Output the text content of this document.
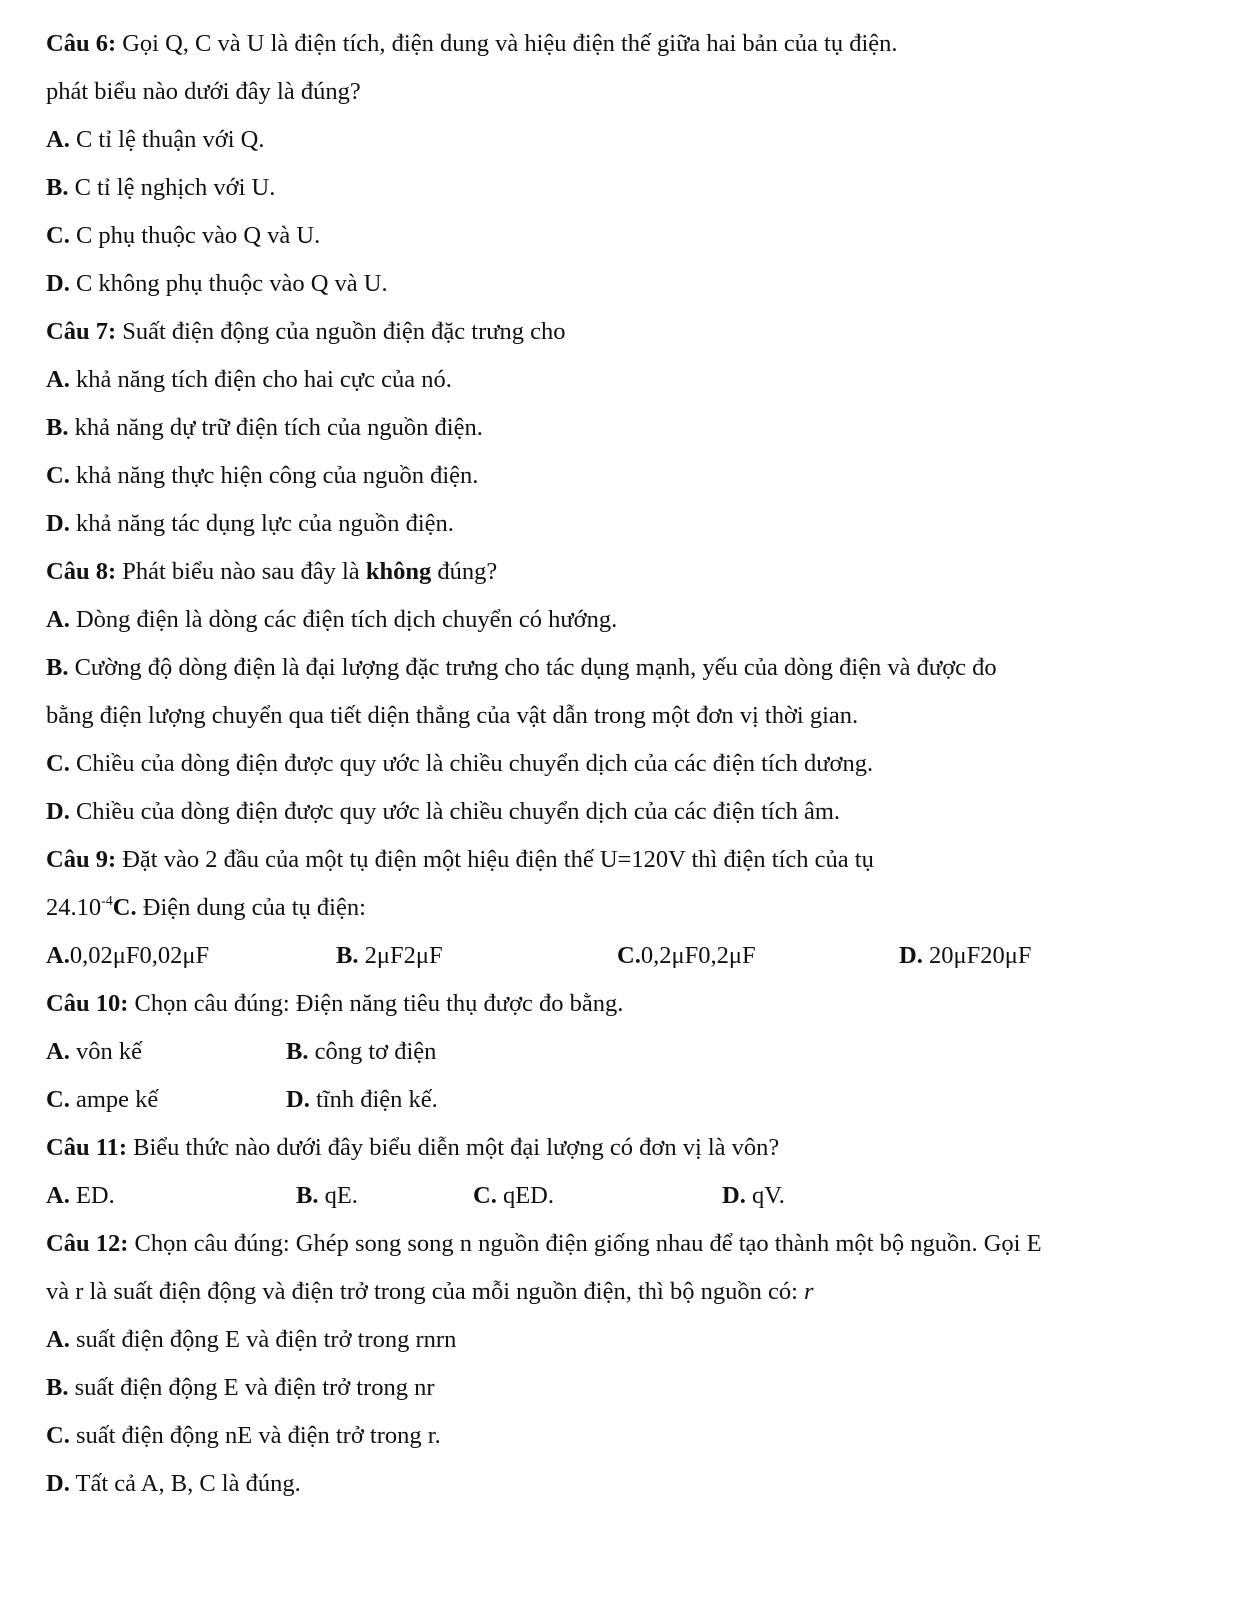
Câu 6: Gọi Q, C và U là điện tích, điện dung và hiệu điện thế giữa hai bản của tụ điện.
phát biểu nào dưới đây là đúng?
A. C tỉ lệ thuận với Q.
B. C tỉ lệ nghịch với U.
C. C phụ thuộc vào Q và U.
D. C không phụ thuộc vào Q và U.
Câu 7: Suất điện động của nguồn điện đặc trưng cho
A. khả năng tích điện cho hai cực của nó.
B. khả năng dự trữ điện tích của nguồn điện.
C. khả năng thực hiện công của nguồn điện.
D. khả năng tác dụng lực của nguồn điện.
Câu 8: Phát biểu nào sau đây là không đúng?
A. Dòng điện là dòng các điện tích dịch chuyển có hướng.
B. Cường độ dòng điện là đại lượng đặc trưng cho tác dụng mạnh, yếu của dòng điện và được đo
bằng điện lượng chuyển qua tiết diện thẳng của vật dẫn trong một đơn vị thời gian.
C. Chiều của dòng điện được quy ước là chiều chuyển dịch của các điện tích dương.
D. Chiều của dòng điện được quy ước là chiều chuyển dịch của các điện tích âm.
Câu 9: Đặt vào 2 đầu của một tụ điện một hiệu điện thế U=120V thì điện tích của tụ
$24.10^{-4}C$. Điện dung của tụ điện:
A.0,02μF0,02μF	B. 2μF2μF	C.0,2μF0,2μF	D. 20μF20μF
Câu 10: Chọn câu đúng: Điện năng tiêu thụ được đo bằng.
A. vôn kế	B. công tơ điện
C. ampe kế	D. tĩnh điện kế.
Câu 11: Biểu thức nào dưới đây biểu diễn một đại lượng có đơn vị là vôn?
A. ED.	B. qE.	C. qED.	D. qV.
Câu 12: Chọn câu đúng: Ghép song song n nguồn điện giống nhau để tạo thành một bộ nguồn. Gọi E
và r là suất điện động và điện trở trong của mỗi nguồn điện, thì bộ nguồn có: r
A. suất điện động E và điện trở trong rnrn
B. suất điện động E và điện trở trong nr
C. suất điện động nE và điện trở trong r.
D. Tất cả A, B, C là đúng.
